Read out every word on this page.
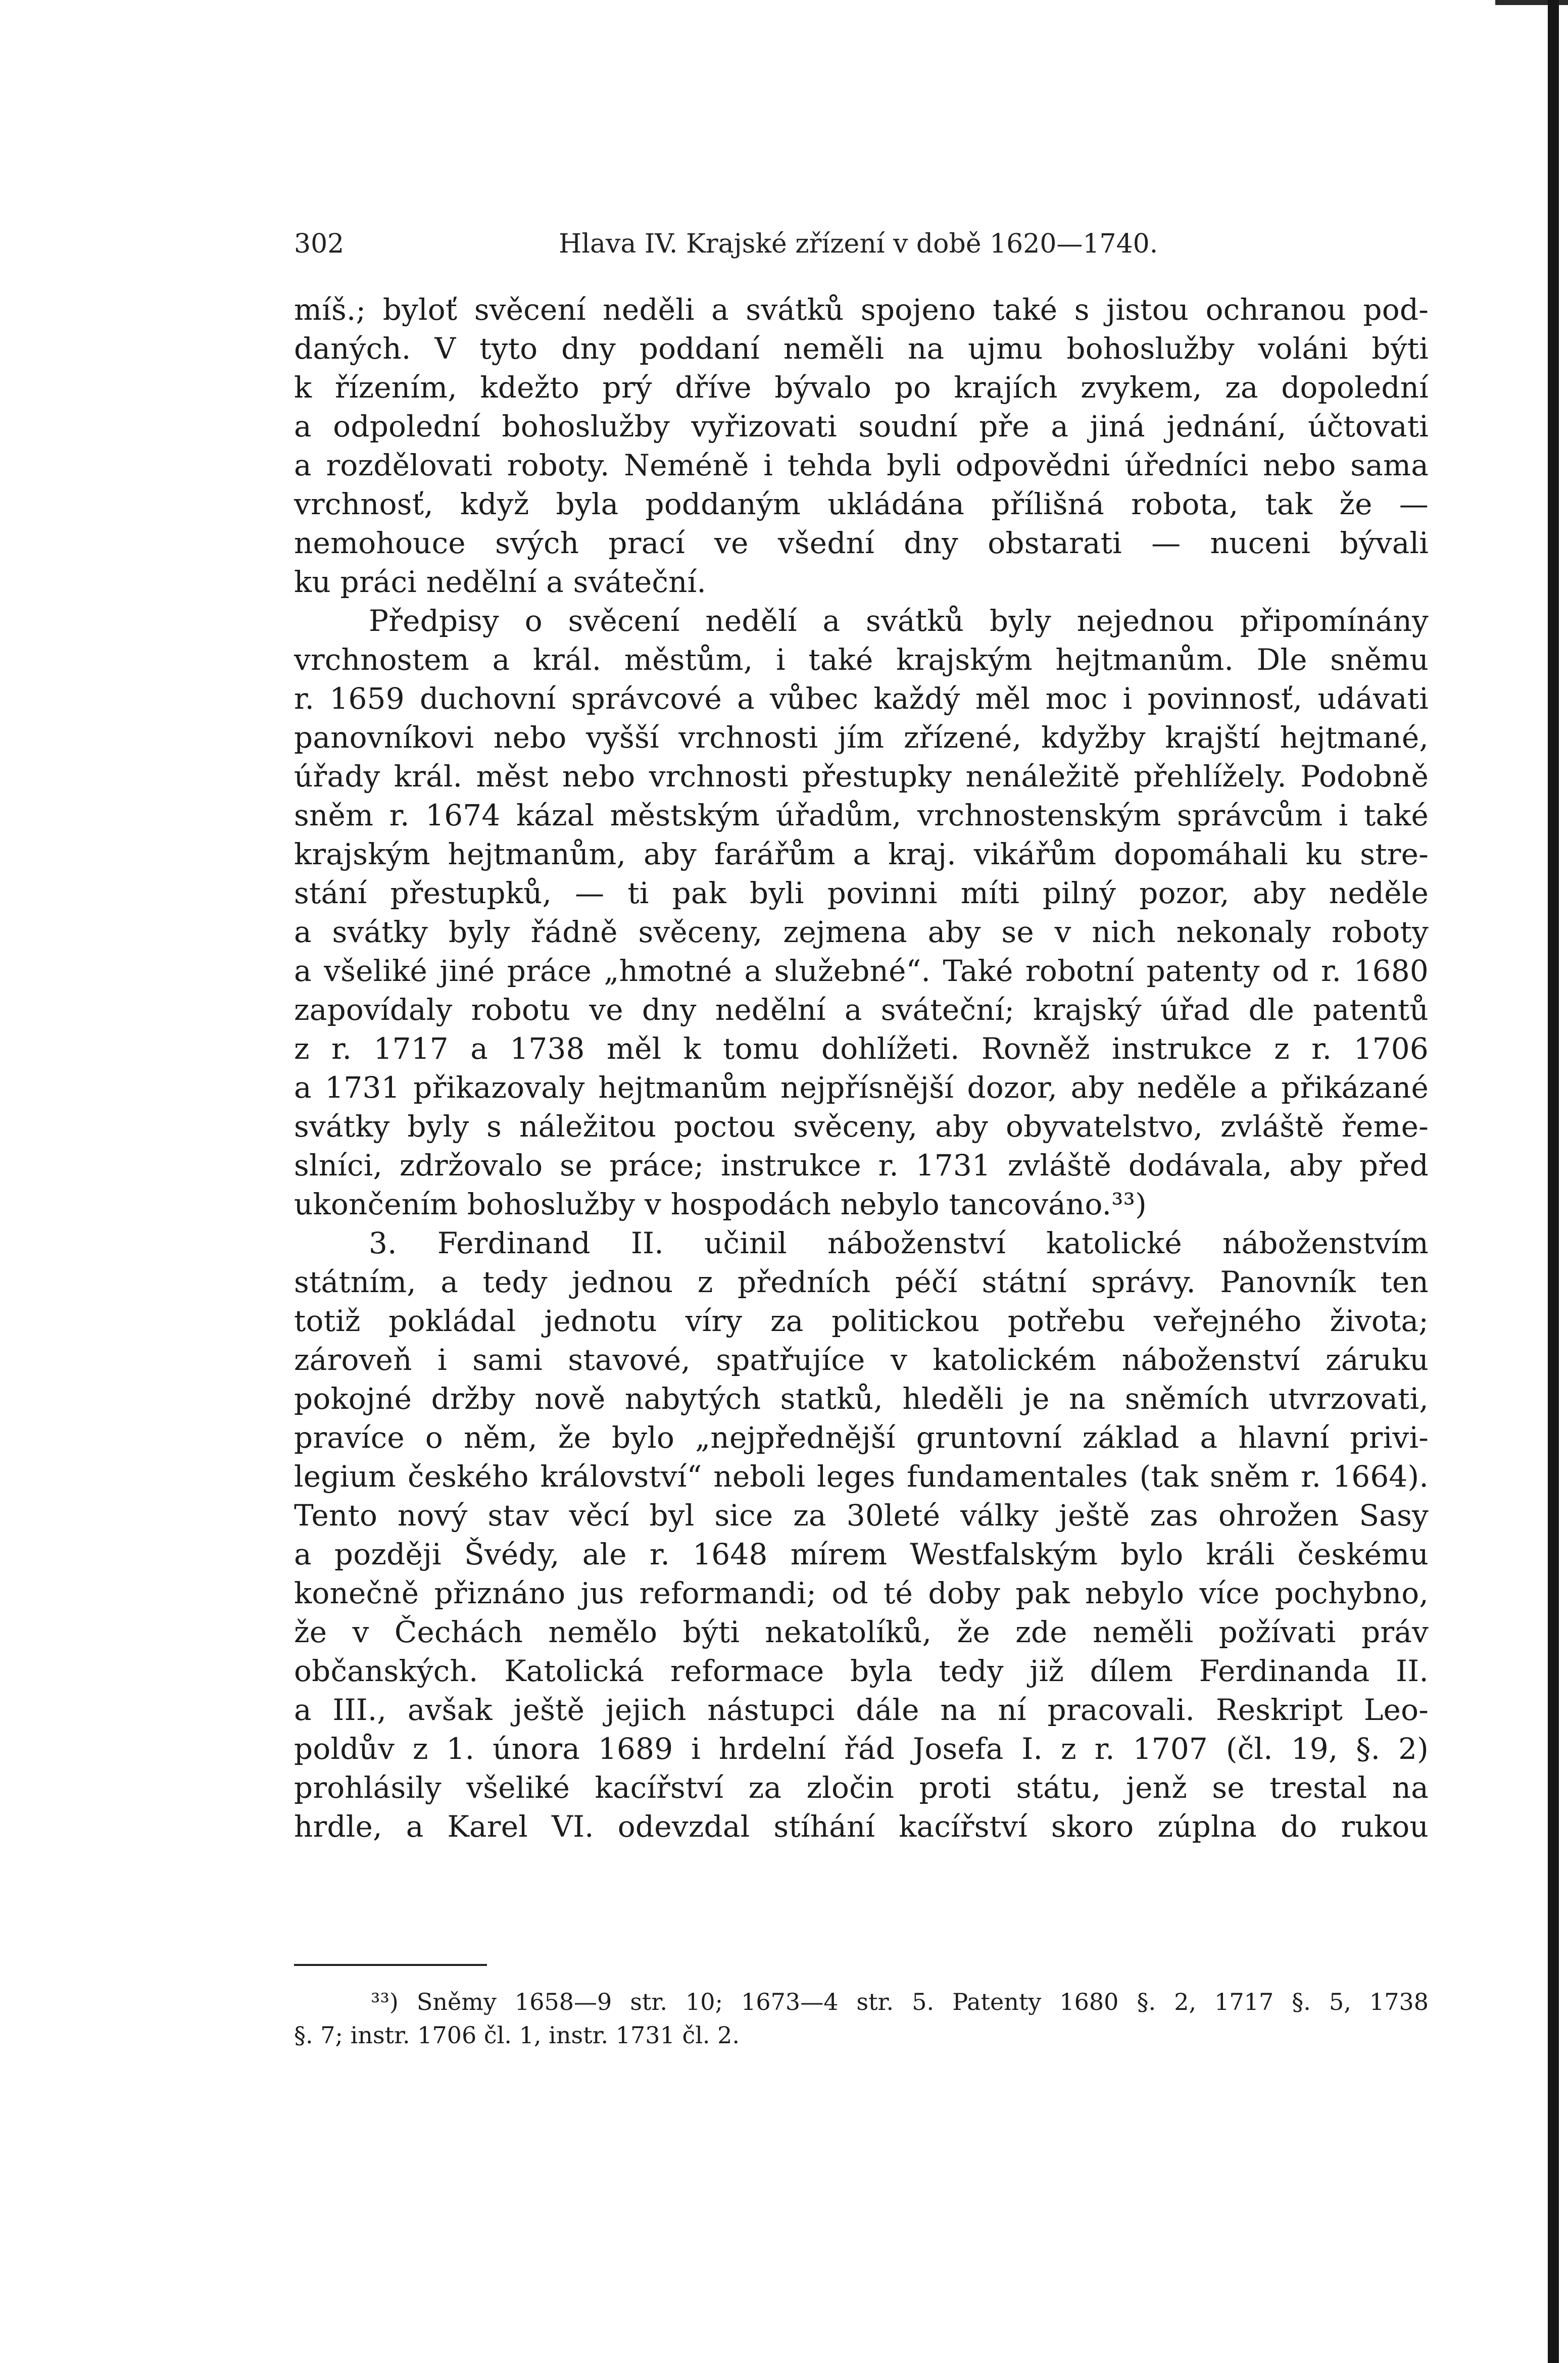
302	Hlava IV. Krajské zřízení v době 1620—1740.
míš.; byloť svěcení neděli a svátků spojeno také s jistou ochranou pod-
daných. V tyto dny poddaní neměli na ujmu bohoslužby voláni býti
k řízením, kdežto prý dříve bývalo po krajích zvykem, za dopolední
a odpolední bohoslužby vyřizovati soudní pře a jiná jednání, účtovati
a rozdělovati roboty. Neméně i tehda byli odpovědni úředníci nebo sama
vrchnosť, když byla poddaným ukládána přílišná robota, tak že —
nemohouce svých prací ve všední dny obstarati — nuceni bývali
ku práci nedělní a sváteční.
Předpisy o svěcení nedělí a svátků byly nejednou připomínány
vrchnostem a král. městům, i také krajským hejtmanům. Dle sněmu
r. 1659 duchovní správcové a vůbec každý měl moc i povinnosť, udávati
panovníkovi nebo vyšší vrchnosti jím zřízené, kdyžby krajští hejtmané,
úřady král. měst nebo vrchnosti přestupky nenáležitě přehlížely. Podobně
sněm r. 1674 kázal městským úřadům, vrchnostenským správcům i také
krajským hejtmanům, aby farářům a kraj. vikářům dopomáhali ku stre-
stání přestupků, — ti pak byli povinni míti pilný pozor, aby neděle
a svátky byly řádně svěceny, zejmena aby se v nich nekonaly roboty
a všeliké jiné práce „hmotné a služebné“. Také robotní patenty od r. 1680
zapovídaly robotu ve dny nedělní a sváteční; krajský úřad dle patentů
z r. 1717 a 1738 měl k tomu dohlížeti. Rovněž instrukce z r. 1706
a 1731 přikazovaly hejtmanům nejpřísnější dozor, aby neděle a přikázané
svátky byly s náležitou poctou svěceny, aby obyvatelstvo, zvláště řeme-
slníci, zdržovalo se práce; instrukce r. 1731 zvláště dodávala, aby před
ukončením bohoslužby v hospodách nebylo tancováno.³³)
3. Ferdinand II. učinil náboženství katolické náboženstvím
státním, a tedy jednou z předních péčí státní správy. Panovník ten
totiž pokládal jednotu víry za politickou potřebu veřejného života;
zároveň i sami stavové, spatřujíce v katolickém náboženství záruku
pokojné držby nově nabytých statků, hleděli je na sněmích utvrzovati,
pravíce o něm, že bylo „nejpřednější gruntovní základ a hlavní privi-
legium českého království“ neboli leges fundamentales (tak sněm r. 1664).
Tento nový stav věcí byl sice za 30leté války ještě zas ohrožen Sasy
a později Švédy, ale r. 1648 mírem Westfalským bylo králi českému
konečně přiznáno jus reformandi; od té doby pak nebylo více pochybno,
že v Čechách nemělo býti nekatolíků, že zde neměli požívati práv
občanských. Katolická reformace byla tedy již dílem Ferdinanda II.
a III., avšak ještě jejich nástupci dále na ní pracovali. Reskript Leo-
poldův z 1. února 1689 i hrdelní řád Josefa I. z r. 1707 (čl. 19, §. 2)
prohlásily všeliké kacířství za zločin proti státu, jenž se trestal na
hrdle, a Karel VI. odevzdal stíhání kacířství skoro zúplna do rukou
³³) Sněmy 1658—9 str. 10; 1673—4 str. 5. Patenty 1680 §. 2, 1717 §. 5, 1738
§. 7; instr. 1706 čl. 1, instr. 1731 čl. 2.
